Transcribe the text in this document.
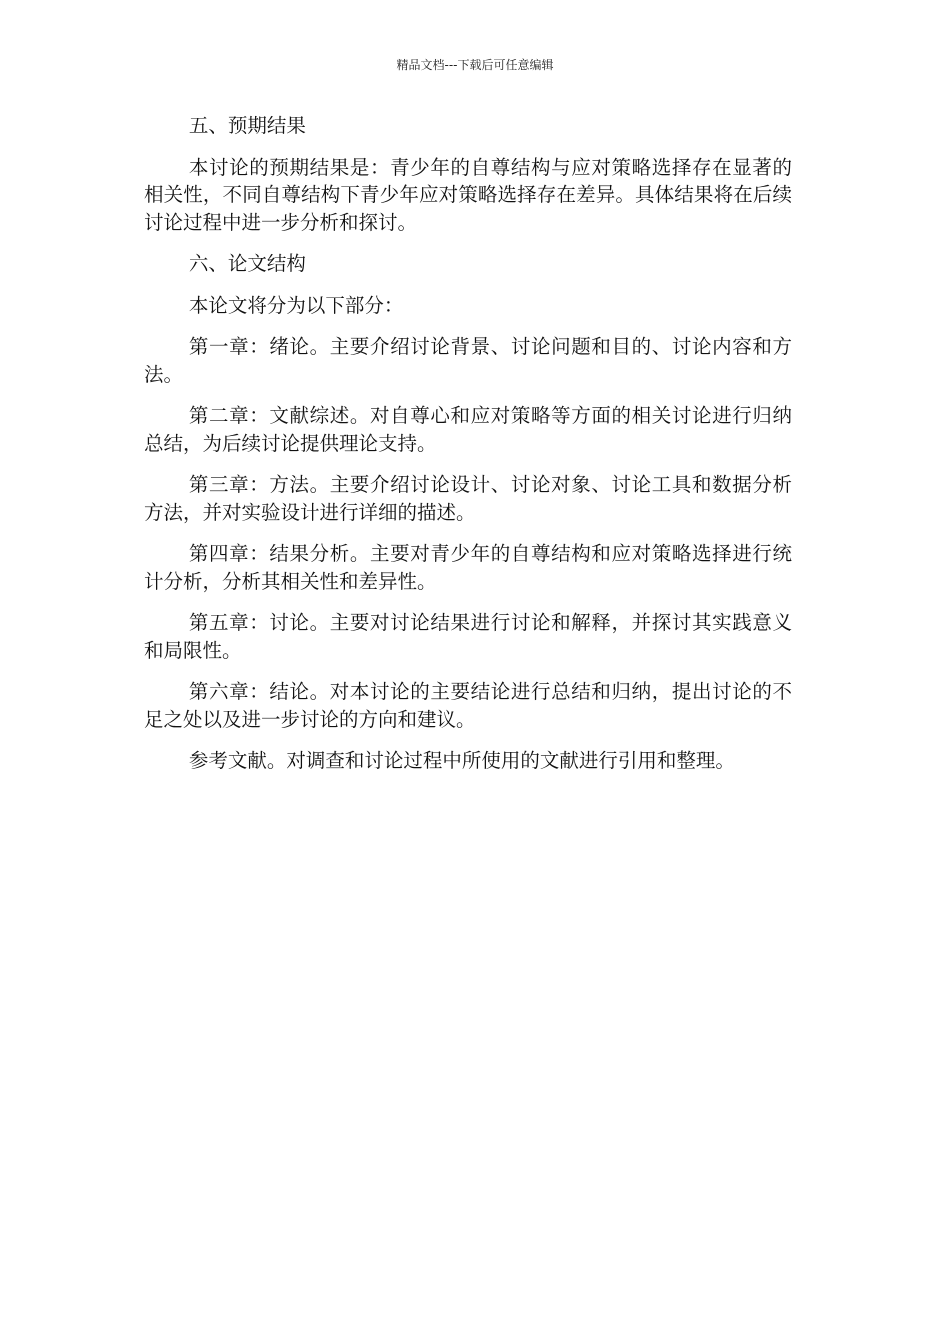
精品文档---下载后可任意编辑

五、预期结果

本讨论的预期结果是：青少年的自尊结构与应对策略选择存在显著的相关性，不同自尊结构下青少年应对策略选择存在差异。具体结果将在后续讨论过程中进一步分析和探讨。

六、论文结构

本论文将分为以下部分：

第一章：绪论。主要介绍讨论背景、讨论问题和目的、讨论内容和方法。

第二章：文献综述。对自尊心和应对策略等方面的相关讨论进行归纳总结，为后续讨论提供理论支持。

第三章：方法。主要介绍讨论设计、讨论对象、讨论工具和数据分析方法，并对实验设计进行详细的描述。

第四章：结果分析。主要对青少年的自尊结构和应对策略选择进行统计分析，分析其相关性和差异性。

第五章：讨论。主要对讨论结果进行讨论和解释，并探讨其实践意义和局限性。

第六章：结论。对本讨论的主要结论进行总结和归纳，提出讨论的不足之处以及进一步讨论的方向和建议。

参考文献。对调查和讨论过程中所使用的文献进行引用和整理。
